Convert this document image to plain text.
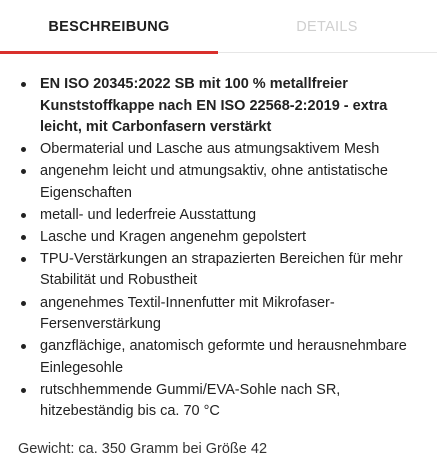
BESCHREIBUNG	DETAILS
EN ISO 20345:2022 SB mit 100 % metallfreier Kunststoffkappe nach EN ISO 22568-2:2019 - extra leicht, mit Carbonfasern verstärkt
Obermaterial und Lasche aus atmungsaktivem Mesh
angenehm leicht und atmungsaktiv, ohne antistatische Eigenschaften
metall- und lederfreie Ausstattung
Lasche und Kragen angenehm gepolstert
TPU-Verstärkungen an strapazierten Bereichen für mehr Stabilität und Robustheit
angenehmes Textil-Innenfutter mit Mikrofaser-Fersenverstärkung
ganzflächige, anatomisch geformte und herausnehmbare Einlegesohle
rutschhemmende Gummi/EVA-Sohle nach SR, hitzebeständig bis ca. 70 °C
Gewicht: ca. 350 Gramm bei Größe 42
